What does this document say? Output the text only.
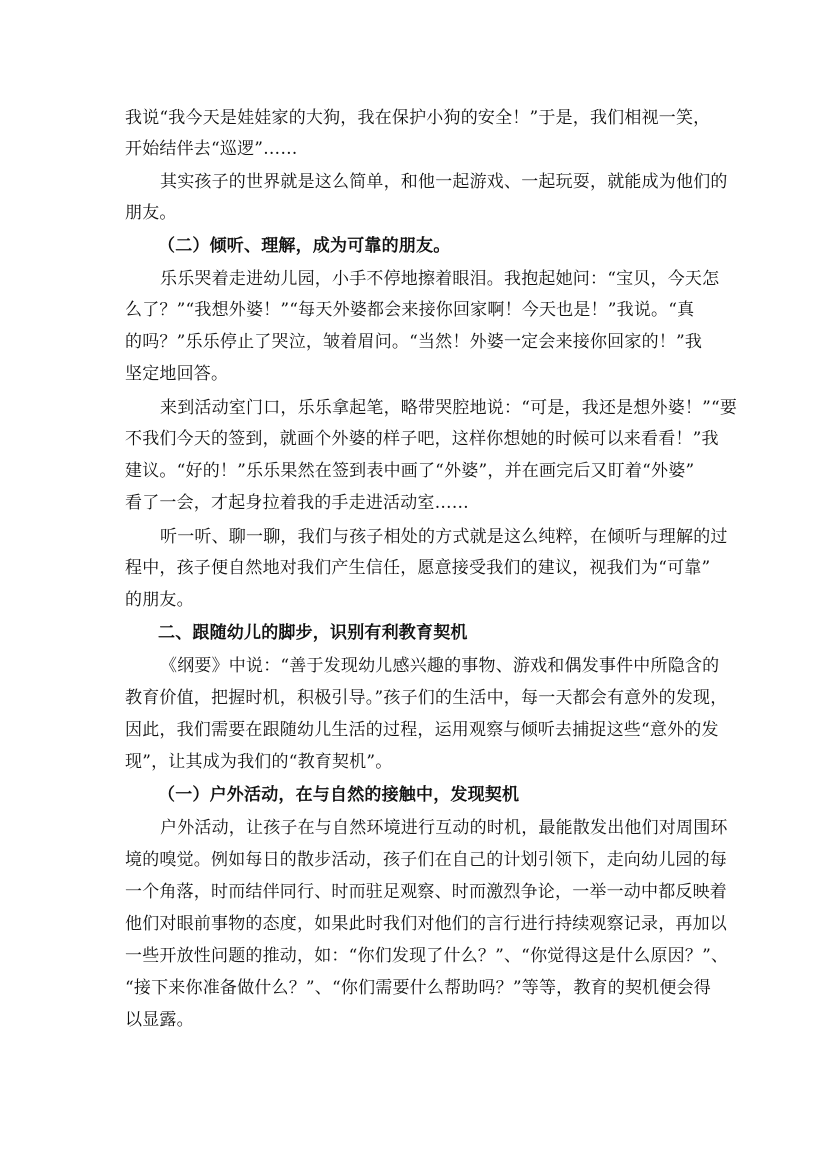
我说“我今天是娃娃家的大狗，我在保护小狗的安全！”于是，我们相视一笑，
开始结伴去“巡逻”……
其实孩子的世界就是这么简单，和他一起游戏、一起玩耍，就能成为他们的
朋友。
（二）倾听、理解，成为可靠的朋友。
乐乐哭着走进幼儿园，小手不停地擦着眼泪。我抱起她问：“宝贝，今天怎
么了？”“我想外婆！”“每天外婆都会来接你回家啊！今天也是！”我说。“真
的吗？”乐乐停止了哭泣，皱着眉问。“当然！外婆一定会来接你回家的！”我
坚定地回答。
来到活动室门口，乐乐拿起笔，略带哭腔地说：“可是，我还是想外婆！”“要
不我们今天的签到，就画个外婆的样子吧，这样你想她的时候可以来看看！”我
建议。“好的！”乐乐果然在签到表中画了“外婆”，并在画完后又盯着“外婆”
看了一会，才起身拉着我的手走进活动室……
听一听、聊一聊，我们与孩子相处的方式就是这么纯粹，在倾听与理解的过
程中，孩子便自然地对我们产生信任，愿意接受我们的建议，视我们为“可靠”
的朋友。
二、跟随幼儿的脚步，识别有利教育契机
《纲要》中说：“善于发现幼儿感兴趣的事物、游戏和偶发事件中所隐含的
教育价值，把握时机，积极引导。”孩子们的生活中，每一天都会有意外的发现，
因此，我们需要在跟随幼儿生活的过程，运用观察与倾听去捕捉这些“意外的发
现”，让其成为我们的“教育契机”。
（一）户外活动，在与自然的接触中，发现契机
户外活动，让孩子在与自然环境进行互动的时机，最能散发出他们对周围环
境的嗅觉。例如每日的散步活动，孩子们在自己的计划引领下，走向幼儿园的每
一个角落，时而结伴同行、时而驻足观察、时而激烈争论，一举一动中都反映着
他们对眼前事物的态度，如果此时我们对他们的言行进行持续观察记录，再加以
一些开放性问题的推动，如：“你们发现了什么？”、“你觉得这是什么原因？”、
“接下来你准备做什么？”、“你们需要什么帮助吗？”等等，教育的契机便会得
以显露。
